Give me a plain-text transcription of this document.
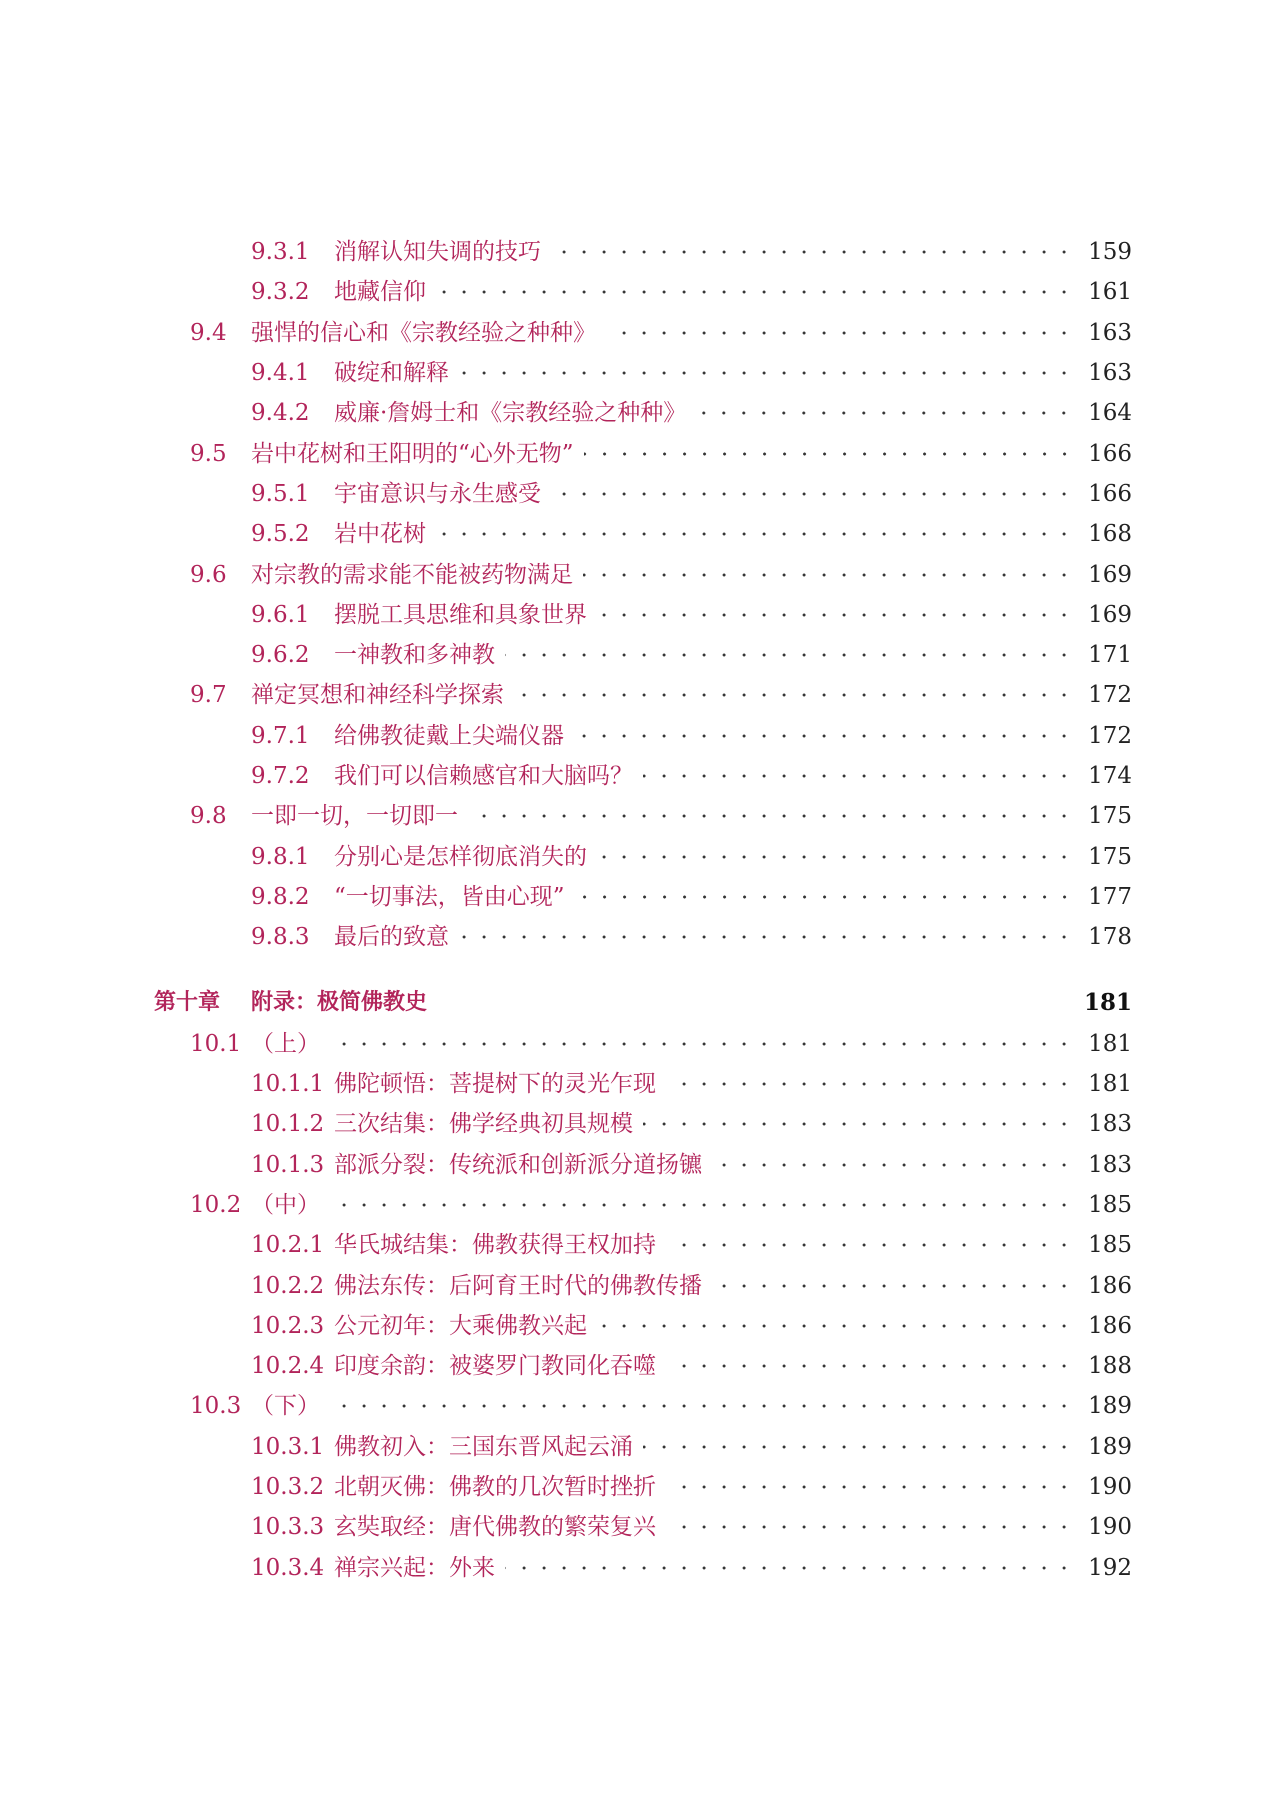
9.3.1	消解认知失调的技巧	159
9.3.2	地藏信仰	161
9.4	强悍的信心和《宗教经验之种种》	163
9.4.1	破绽和解释	163
9.4.2	威廉·詹姆士和《宗教经验之种种》	164
9.5	岩中花树和王阳明的“心外无物”	166
9.5.1	宇宙意识与永生感受	166
9.5.2	岩中花树	168
9.6	对宗教的需求能不能被药物满足	169
9.6.1	摆脱工具思维和具象世界	169
9.6.2	一神教和多神教	171
9.7	禅定冥想和神经科学探索	172
9.7.1	给佛教徒戴上尖端仪器	172
9.7.2	我们可以信赖感官和大脑吗？	174
9.8	一即一切，一切即一	175
9.8.1	分别心是怎样彻底消失的	175
9.8.2	“一切事法，皆由心现”	177
9.8.3	最后的致意	178
第十章	附录：极简佛教史	181
10.1 （上）	181
10.1.1 佛陀顿悟：菩提树下的灵光乍现	181
10.1.2 三次结集：佛学经典初具规模	183
10.1.3 部派分裂：传统派和创新派分道扬镳	183
10.2 （中）	185
10.2.1 华氏城结集：佛教获得王权加持	185
10.2.2 佛法东传：后阿育王时代的佛教传播	186
10.2.3 公元初年：大乘佛教兴起	186
10.2.4 印度余韵：被婆罗门教同化吞噬	188
10.3 （下）	189
10.3.1 佛教初入：三国东晋风起云涌	189
10.3.2 北朝灭佛：佛教的几次暂时挫折	190
10.3.3 玄奘取经：唐代佛教的繁荣复兴	190
10.3.4 禅宗兴起：外来	192
